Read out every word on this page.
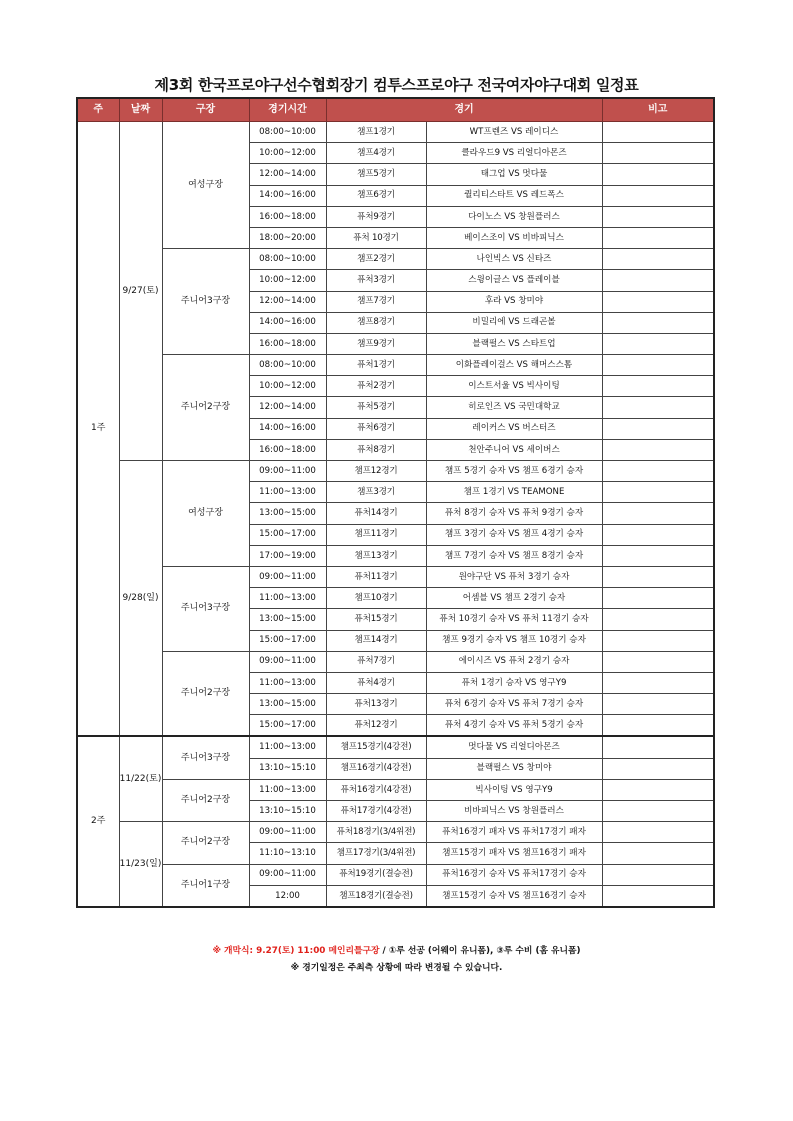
제3회 한국프로야구선수협회장기 컴투스프로야구 전국여자야구대회 일정표
주	날짜	구장	경기시간	경기		비고
1주	9/27(토)	여성구장	08:00~10:00	챔프1경기	WT프렌즈 VS 레이디스	
			10:00~12:00	챔프4경기	클라우드9 VS 리얼디아몬즈	
			12:00~14:00	챔프5경기	태그업 VS 멋다물	
			14:00~16:00	챔프6경기	퀄리티스타트 VS 레드폭스	
			16:00~18:00	퓨처9경기	다이노스 VS 창원플러스	
			18:00~20:00	퓨처 10경기	베이스조이 VS 비바피닉스	
		주니어3구장	08:00~10:00	챔프2경기	나인빅스 VS 신타즈	
			10:00~12:00	퓨처3경기	스윙이글스 VS 플레이블	
			12:00~14:00	챔프7경기	후라 VS 창미야	
			14:00~16:00	챔프8경기	비밀리에 VS 드래곤볼	
			16:00~18:00	챔프9경기	블랙펄스 VS 스타트업	
		주니어2구장	08:00~10:00	퓨처1경기	이화플레이걸스 VS 해머스스톰	
			10:00~12:00	퓨처2경기	이스트서울 VS 빅사이팅	
			12:00~14:00	퓨처5경기	히로인즈 VS 국민대학교	
			14:00~16:00	퓨처6경기	레이커스 VS 버스터즈	
			16:00~18:00	퓨처8경기	천안주니어 VS 세이버스	
	9/28(일)	여성구장	09:00~11:00	챔프12경기	챔프 5경기 승자 VS 챔프 6경기 승자	
			11:00~13:00	챔프3경기	챔프 1경기 VS TEAMONE	
			13:00~15:00	퓨처14경기	퓨처 8경기 승자 VS 퓨처 9경기 승자	
			15:00~17:00	챔프11경기	챔프 3경기 승자 VS 챔프 4경기 승자	
			17:00~19:00	챔프13경기	챔프 7경기 승자 VS 챔프 8경기 승자	
		주니어3구장	09:00~11:00	퓨처11경기	원야구단 VS 퓨처 3경기 승자	
			11:00~13:00	챔프10경기	어셈블 VS 챔프 2경기 승자	
			13:00~15:00	퓨처15경기	퓨처 10경기 승자 VS 퓨처 11경기 승자	
			15:00~17:00	챔프14경기	챔프 9경기 승자 VS 챔프 10경기 승자	
		주니어2구장	09:00~11:00	퓨처7경기	에이시즈 VS 퓨처 2경기 승자	
			11:00~13:00	퓨처4경기	퓨처 1경기 승자 VS 영구Y9	
			13:00~15:00	퓨처13경기	퓨처 6경기 승자 VS 퓨처 7경기 승자	
			15:00~17:00	퓨처12경기	퓨처 4경기 승자 VS 퓨처 5경기 승자	
2주	11/22(토)	주니어3구장	11:00~13:00	챔프15경기(4강전)	멋다물 VS 리얼디아몬즈	
			13:10~15:10	챔프16경기(4강전)	블랙펄스 VS 창미야	
		주니어2구장	11:00~13:00	퓨처16경기(4강전)	빅사이팅 VS 영구Y9	
			13:10~15:10	퓨처17경기(4강전)	비바피닉스 VS 창원플러스	
	11/23(일)	주니어2구장	09:00~11:00	퓨처18경기(3/4위전)	퓨처16경기 패자 VS 퓨처17경기 패자	
			11:10~13:10	챔프17경기(3/4위전)	챔프15경기 패자 VS 챔프16경기 패자	
		주니어1구장	09:00~11:00	퓨처19경기(결승전)	퓨처16경기 승자 VS 퓨처17경기 승자	
			12:00	챔프18경기(결승전)	챔프15경기 승자 VS 챔프16경기 승자	
※ 개막식: 9.27(토) 11:00 메인리틀구장 / ①루 선공 (어웨이 유니폼), ③루 수비 (홈 유니폼)
※ 경기일정은 주최측 상황에 따라 변경될 수 있습니다.
